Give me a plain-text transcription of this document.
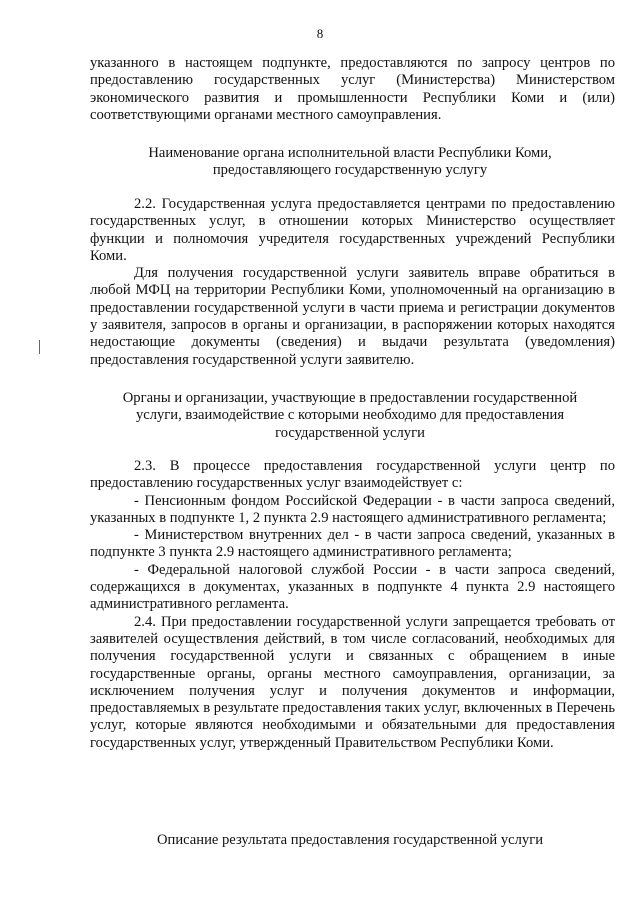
8

указанного в настоящем подпункте, предоставляются по запросу центров по предоставлению государственных услуг (Министерства) Министерством экономического развития и промышленности Республики Коми и (или) соответствующими органами местного самоуправления.

Наименование органа исполнительной власти Республики Коми, предоставляющего государственную услугу

2.2. Государственная услуга предоставляется центрами по предоставлению государственных услуг, в отношении которых Министерство осуществляет функции и полномочия учредителя государственных учреждений Республики Коми.

Для получения государственной услуги заявитель вправе обратиться в любой МФЦ на территории Республики Коми, уполномоченный на организацию в предоставлении государственной услуги в части приема и регистрации документов у заявителя, запросов в органы и организации, в распоряжении которых находятся недостающие документы (сведения) и выдачи результата (уведомления) предоставления государственной услуги заявителю.

Органы и организации, участвующие в предоставлении государственной услуги, взаимодействие с которыми необходимо для предоставления государственной услуги

2.3. В процессе предоставления государственной услуги центр по предоставлению государственных услуг взаимодействует с:

- Пенсионным фондом Российской Федерации - в части запроса сведений, указанных в подпункте 1, 2 пункта 2.9 настоящего административного регламента;

- Министерством внутренних дел - в части запроса сведений, указанных в подпункте 3 пункта 2.9 настоящего административного регламента;

- Федеральной налоговой службой России - в части запроса сведений, содержащихся в документах, указанных в подпункте 4 пункта 2.9 настоящего административного регламента.

2.4. При предоставлении государственной услуги запрещается требовать от заявителей осуществления действий, в том числе согласований, необходимых для получения государственной услуги и связанных с обращением в иные государственные органы, органы местного самоуправления, организации, за исключением получения услуг и получения документов и информации, предоставляемых в результате предоставления таких услуг, включенных в Перечень услуг, которые являются необходимыми и обязательными для предоставления государственных услуг, утвержденный Правительством Республики Коми.

Описание результата предоставления государственной услуги
